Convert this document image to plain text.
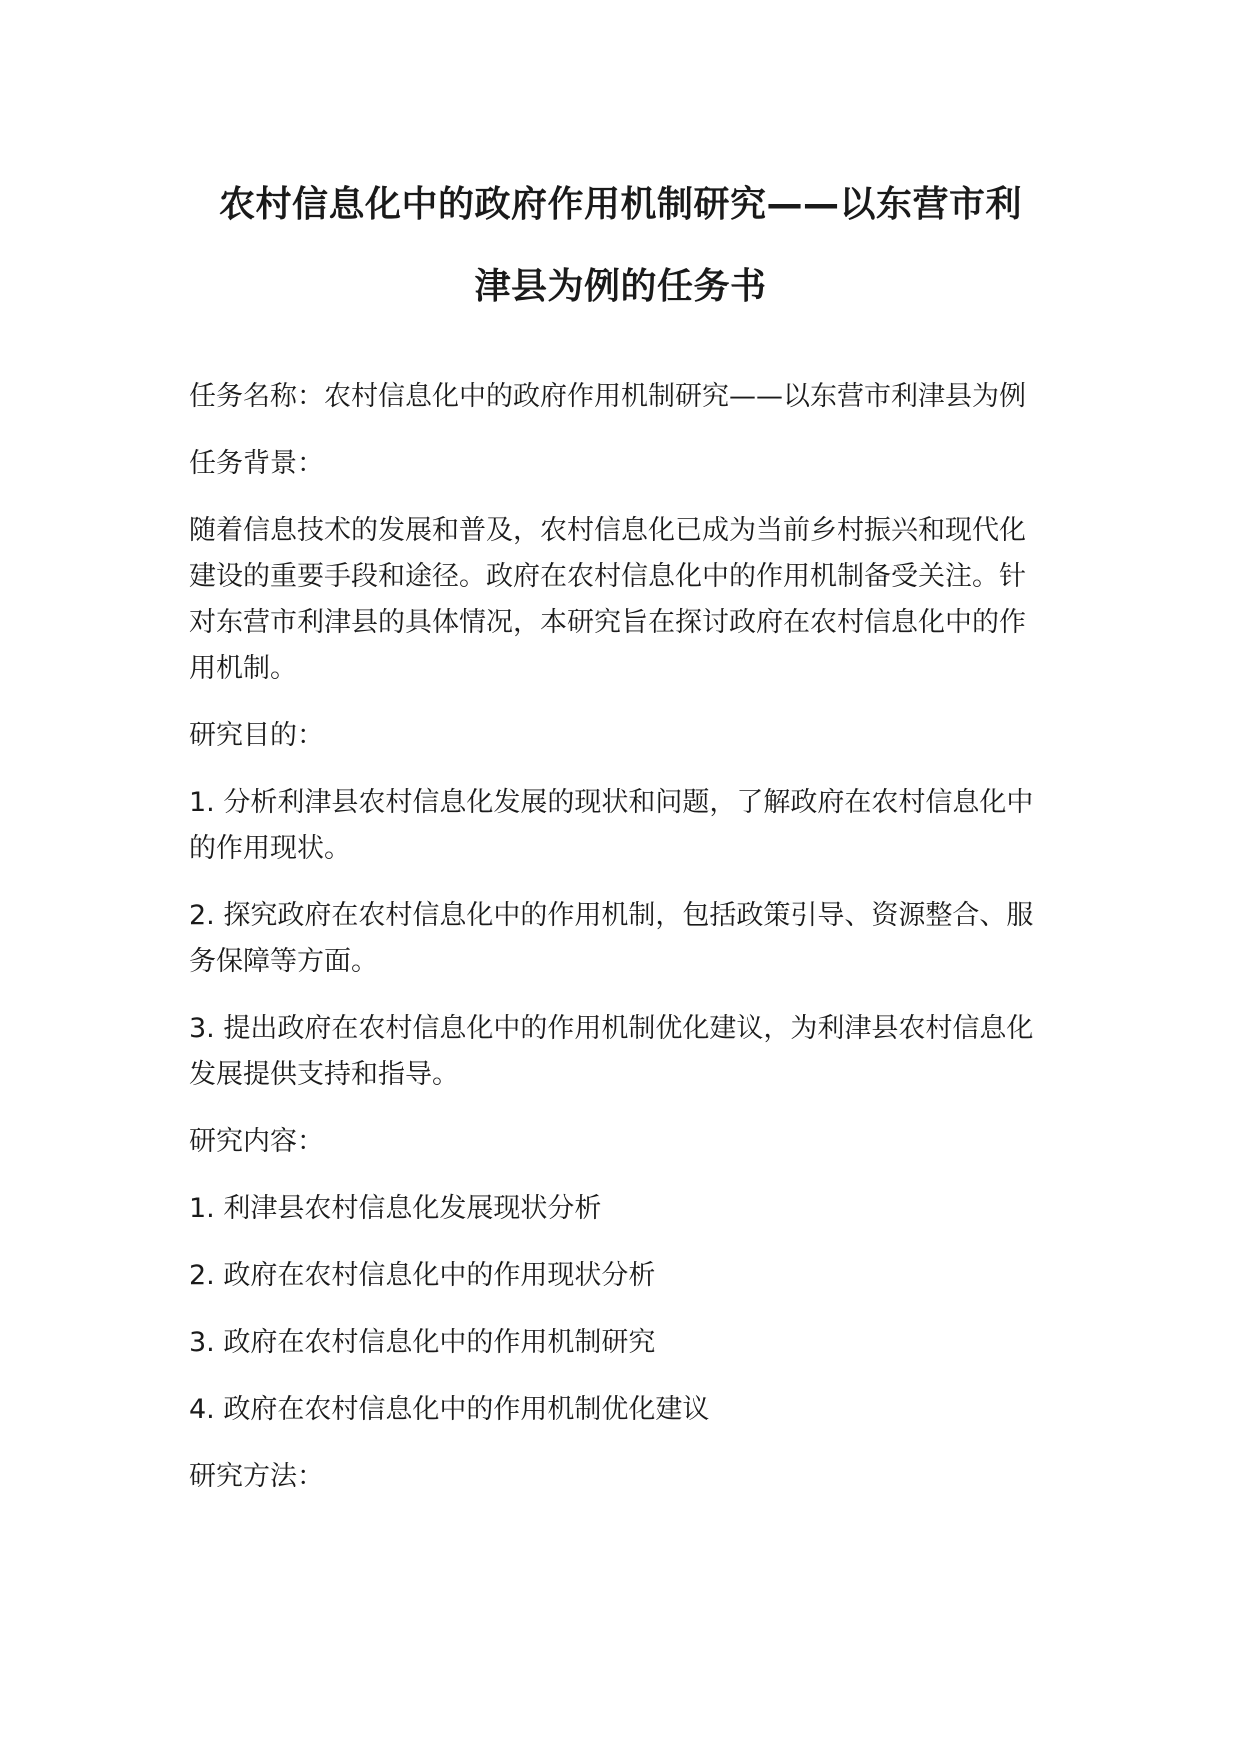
农村信息化中的政府作用机制研究——以东营市利
津县为例的任务书

任务名称：农村信息化中的政府作用机制研究——以东营市利津县为例

任务背景：

随着信息技术的发展和普及，农村信息化已成为当前乡村振兴和现代化

建设的重要手段和途径。政府在农村信息化中的作用机制备受关注。针

对东营市利津县的具体情况，本研究旨在探讨政府在农村信息化中的作

用机制。

研究目的：

1. 分析利津县农村信息化发展的现状和问题，了解政府在农村信息化中

的作用现状。

2. 探究政府在农村信息化中的作用机制，包括政策引导、资源整合、服

务保障等方面。

3. 提出政府在农村信息化中的作用机制优化建议，为利津县农村信息化

发展提供支持和指导。

研究内容：

1. 利津县农村信息化发展现状分析

2. 政府在农村信息化中的作用现状分析

3. 政府在农村信息化中的作用机制研究

4. 政府在农村信息化中的作用机制优化建议

研究方法：
